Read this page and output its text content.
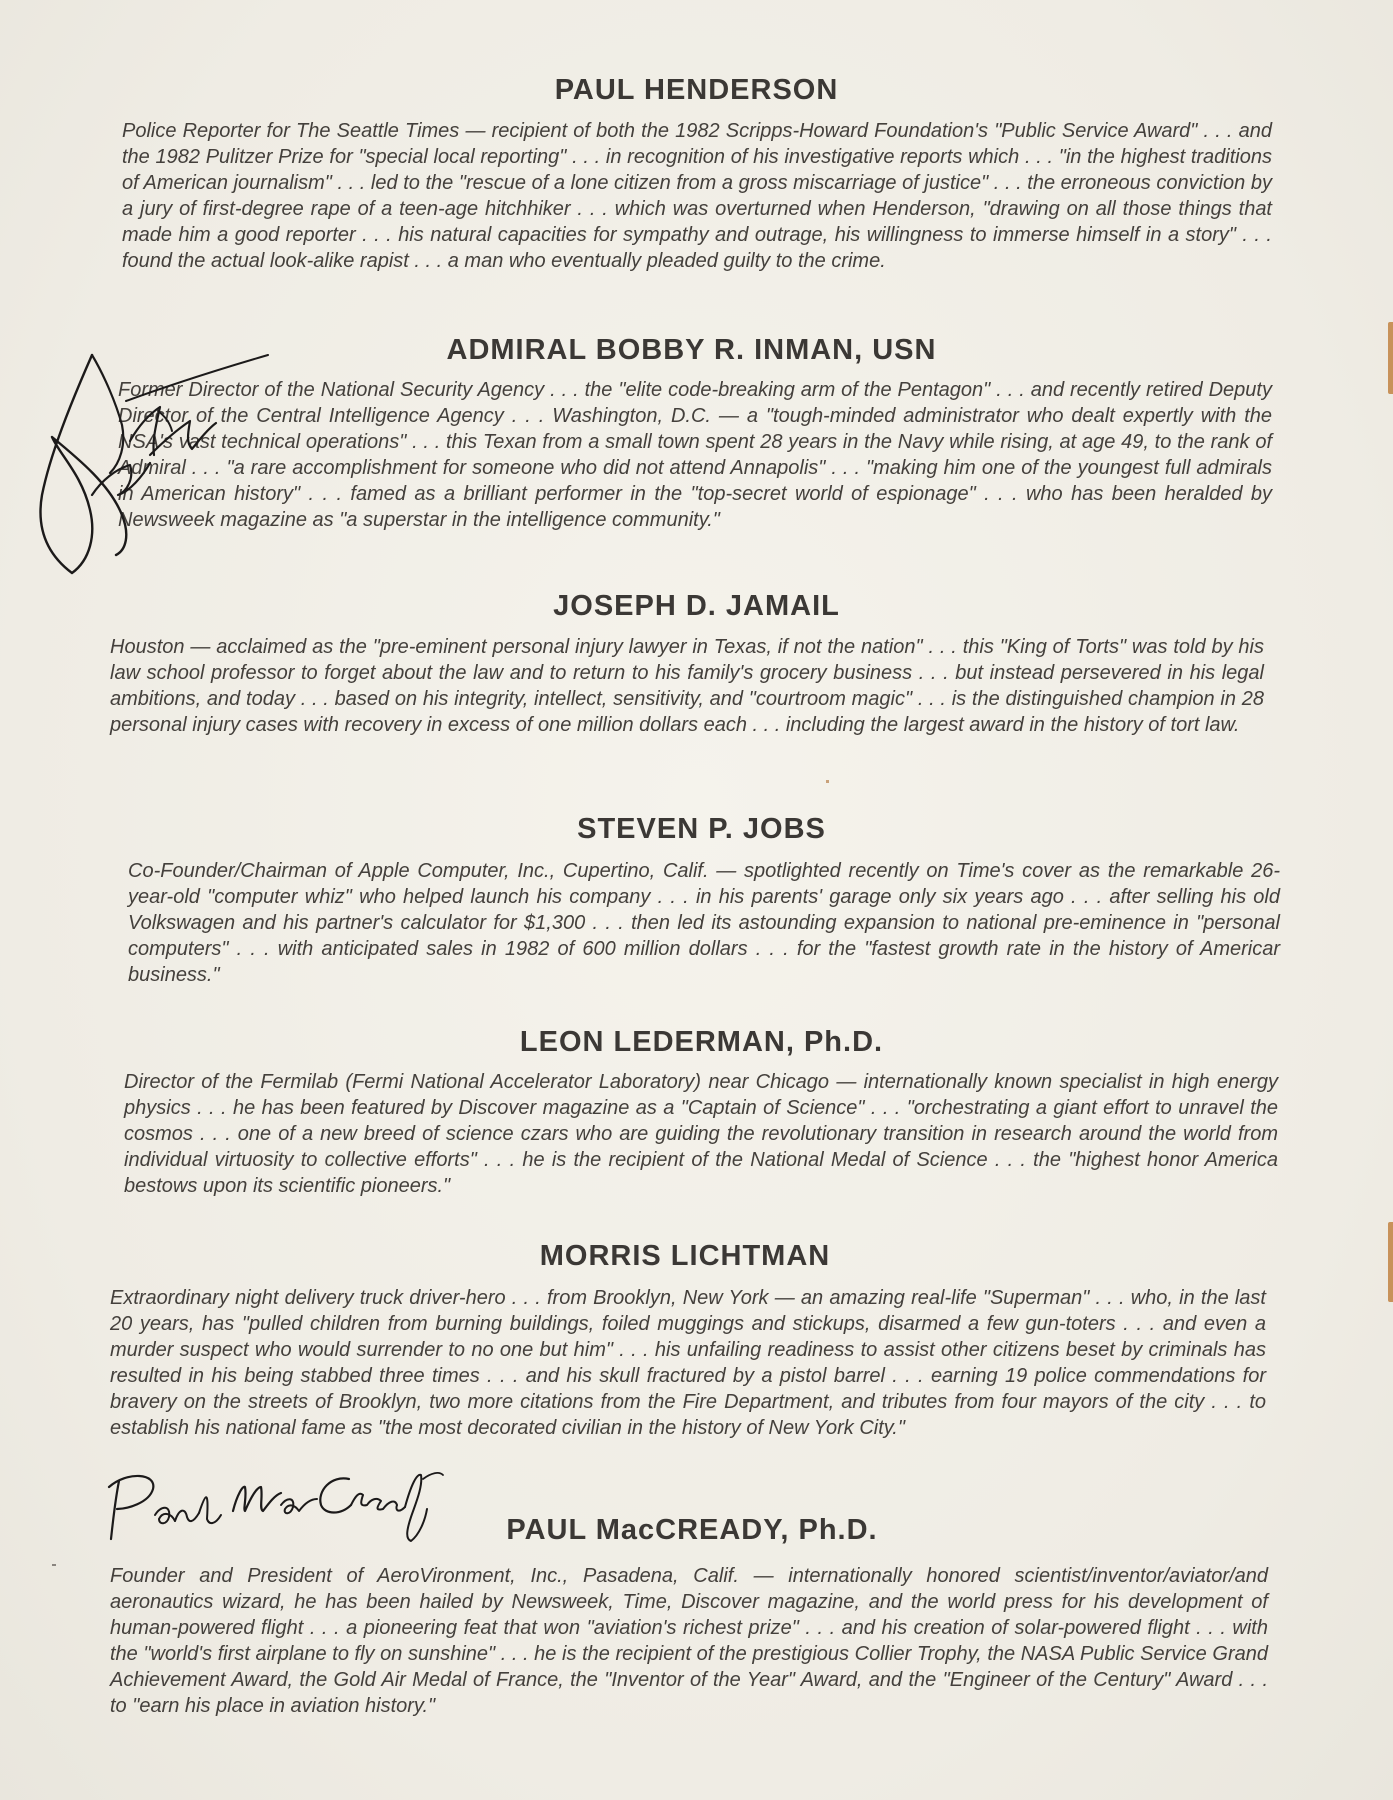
PAUL HENDERSON

Police Reporter for The Seattle Times — recipient of both the 1982 Scripps-Howard Foundation's "Public Service Award" . . . and the 1982 Pulitzer Prize for "special local reporting" . . . in recognition of his investigative reports which . . . "in the highest traditions of American journalism" . . . led to the "rescue of a lone citizen from a gross miscarriage of justice" . . . the erroneous conviction by a jury of first-degree rape of a teen-age hitchhiker . . . which was overturned when Henderson, "drawing on all those things that made him a good reporter . . . his natural capacities for sympathy and outrage, his willingness to immerse himself in a story" . . . found the actual look-alike rapist . . . a man who eventually pleaded guilty to the crime.

ADMIRAL BOBBY R. INMAN, USN

Former Director of the National Security Agency . . . the "elite code-breaking arm of the Pentagon" . . . and recently retired Deputy Director of the Central Intelligence Agency . . . Washington, D.C. — a "tough-minded administrator who dealt expertly with the NSA's vast technical operations" . . . this Texan from a small town spent 28 years in the Navy while rising, at age 49, to the rank of Admiral . . . "a rare accomplishment for someone who did not attend Annapolis" . . . "making him one of the youngest full admirals in American history" . . . famed as a brilliant performer in the "top-secret world of espionage" . . . who has been heralded by Newsweek magazine as "a superstar in the intelligence community."

JOSEPH D. JAMAIL

Houston — acclaimed as the "pre-eminent personal injury lawyer in Texas, if not the nation" . . . this "King of Torts" was told by his law school professor to forget about the law and to return to his family's grocery business . . . but instead persevered in his legal ambitions, and today . . . based on his integrity, intellect, sensitivity, and "courtroom magic" . . . is the distinguished champion in 28 personal injury cases with recovery in excess of one million dollars each . . . including the largest award in the history of tort law.

STEVEN P. JOBS

Co-Founder/Chairman of Apple Computer, Inc., Cupertino, Calif. — spotlighted recently on Time's cover as the remarkable 26-year-old "computer whiz" who helped launch his company . . . in his parents' garage only six years ago . . . after selling his old Volkswagen and his partner's calculator for $1,300 . . . then led its astounding expansion to national pre-eminence in "personal computers" . . . with anticipated sales in 1982 of 600 million dollars . . . for the "fastest growth rate in the history of Americar business."

LEON LEDERMAN, Ph.D.

Director of the Fermilab (Fermi National Accelerator Laboratory) near Chicago — internationally known specialist in high energy physics . . . he has been featured by Discover magazine as a "Captain of Science" . . . "orchestrating a giant effort to unravel the cosmos . . . one of a new breed of science czars who are guiding the revolutionary transition in research around the world from individual virtuosity to collective efforts" . . . he is the recipient of the National Medal of Science . . . the "highest honor America bestows upon its scientific pioneers."

MORRIS LICHTMAN

Extraordinary night delivery truck driver-hero . . . from Brooklyn, New York — an amazing real-life "Superman" . . . who, in the last 20 years, has "pulled children from burning buildings, foiled muggings and stickups, disarmed a few gun-toters . . . and even a murder suspect who would surrender to no one but him" . . . his unfailing readiness to assist other citizens beset by criminals has resulted in his being stabbed three times . . . and his skull fractured by a pistol barrel . . . earning 19 police commendations for bravery on the streets of Brooklyn, two more citations from the Fire Department, and tributes from four mayors of the city . . . to establish his national fame as "the most decorated civilian in the history of New York City."

PAUL MacCREADY, Ph.D.

Founder and President of AeroVironment, Inc., Pasadena, Calif. — internationally honored scientist/inventor/aviator/and aeronautics wizard, he has been hailed by Newsweek, Time, Discover magazine, and the world press for his development of human-powered flight . . . a pioneering feat that won "aviation's richest prize" . . . and his creation of solar-powered flight . . . with the "world's first airplane to fly on sunshine" . . . he is the recipient of the prestigious Collier Trophy, the NASA Public Service Grand Achievement Award, the Gold Air Medal of France, the "Inventor of the Year" Award, and the "Engineer of the Century" Award . . . to "earn his place in aviation history."
